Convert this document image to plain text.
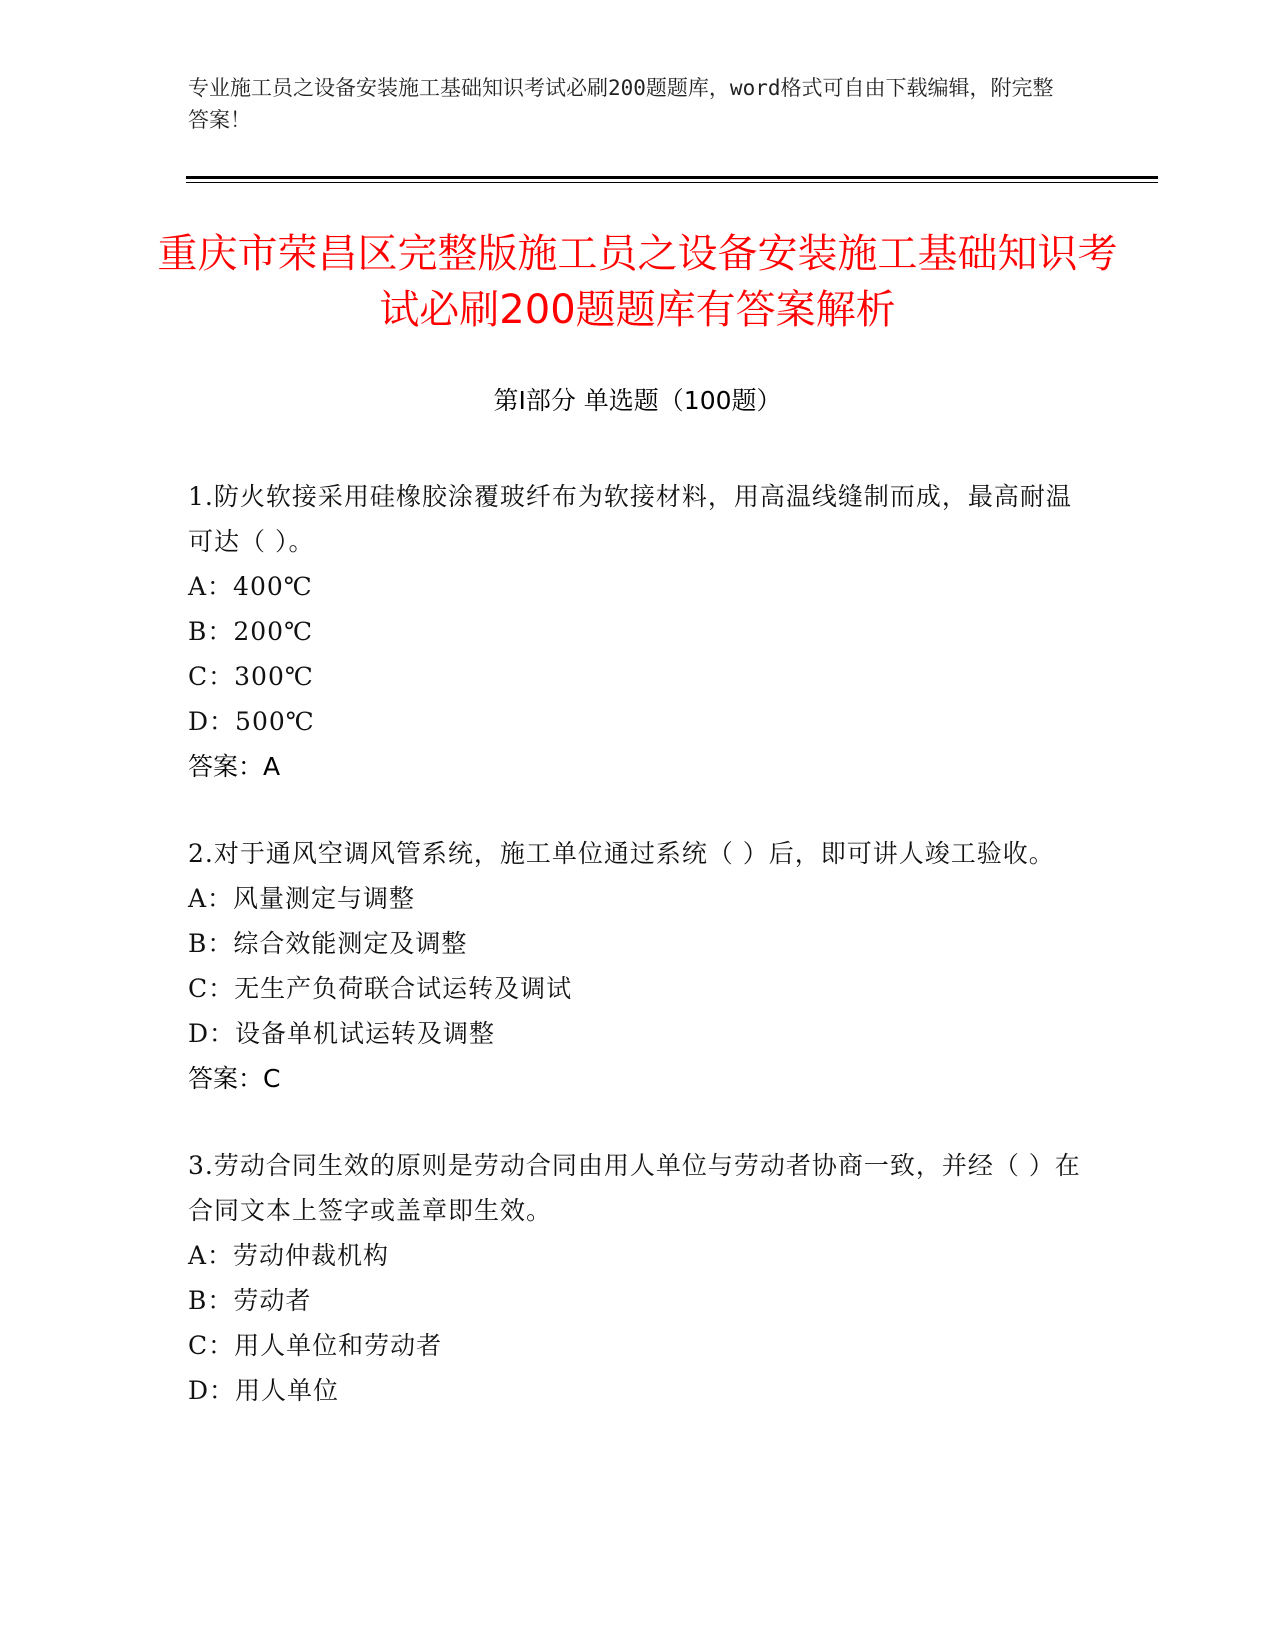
专业施工员之设备安装施工基础知识考试必刷200题题库，word格式可自由下载编辑，附完整答案！
重庆市荣昌区完整版施工员之设备安装施工基础知识考试必刷200题题库有答案解析
第I部分 单选题（100题）
1.防火软接采用硅橡胶涂覆玻纤布为软接材料，用高温线缝制而成，最高耐温可达（ ）。
A：400℃
B：200℃
C：300℃
D：500℃
答案：A
2.对于通风空调风管系统，施工单位通过系统（ ）后，即可讲人竣工验收。
A：风量测定与调整
B：综合效能测定及调整
C：无生产负荷联合试运转及调试
D：设备单机试运转及调整
答案：C
3.劳动合同生效的原则是劳动合同由用人单位与劳动者协商一致，并经（ ）在合同文本上签字或盖章即生效。
A：劳动仲裁机构
B：劳动者
C：用人单位和劳动者
D：用人单位
